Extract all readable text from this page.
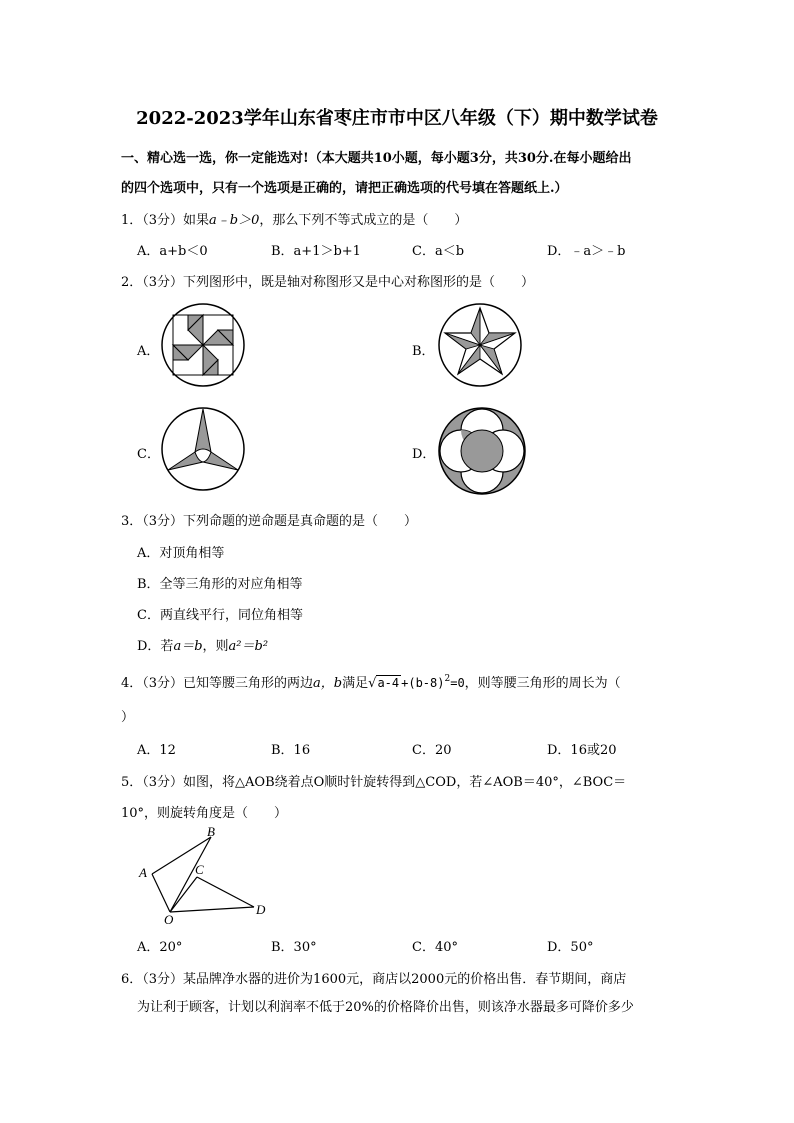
2022-2023学年山东省枣庄市市中区八年级（下）期中数学试卷
一、精心选一选，你一定能选对!（本大题共10小题，每小题3分，共30分.在每小题给出
的四个选项中，只有一个选项是正确的，请把正确选项的代号填在答题纸上.）
1．（3分）如果a﹣b＞0，那么下列不等式成立的是（　　）
A．a+b＜0	B．a+1＞b+1	C．a＜b	D．﹣a＞﹣b
2．（3分）下列图形中，既是轴对称图形又是中心对称图形的是（　　）
A．	B．
C．	D．
3．（3分）下列命题的逆命题是真命题的是（　　）
A．对顶角相等
B．全等三角形的对应角相等
C．两直线平行，同位角相等
D．若a＝b，则a²＝b²
4．（3分）已知等腰三角形的两边a，b满足$√a-4 +(b-8)^2=0$，则等腰三角形的周长为（
）
A．12	B．16	C．20	D．16或20
5．（3分）如图，将△AOB绕着点O顺时针旋转得到△COD，若∠AOB＝40°，∠BOC＝
10°，则旋转角度是（　　）
A
B
C
D
O
A．20°	B．30°	C．40°	D．50°
6．（3分）某品牌净水器的进价为1600元，商店以2000元的价格出售．春节期间，商店
为让利于顾客，计划以利润率不低于20%的价格降价出售，则该净水器最多可降价多少
